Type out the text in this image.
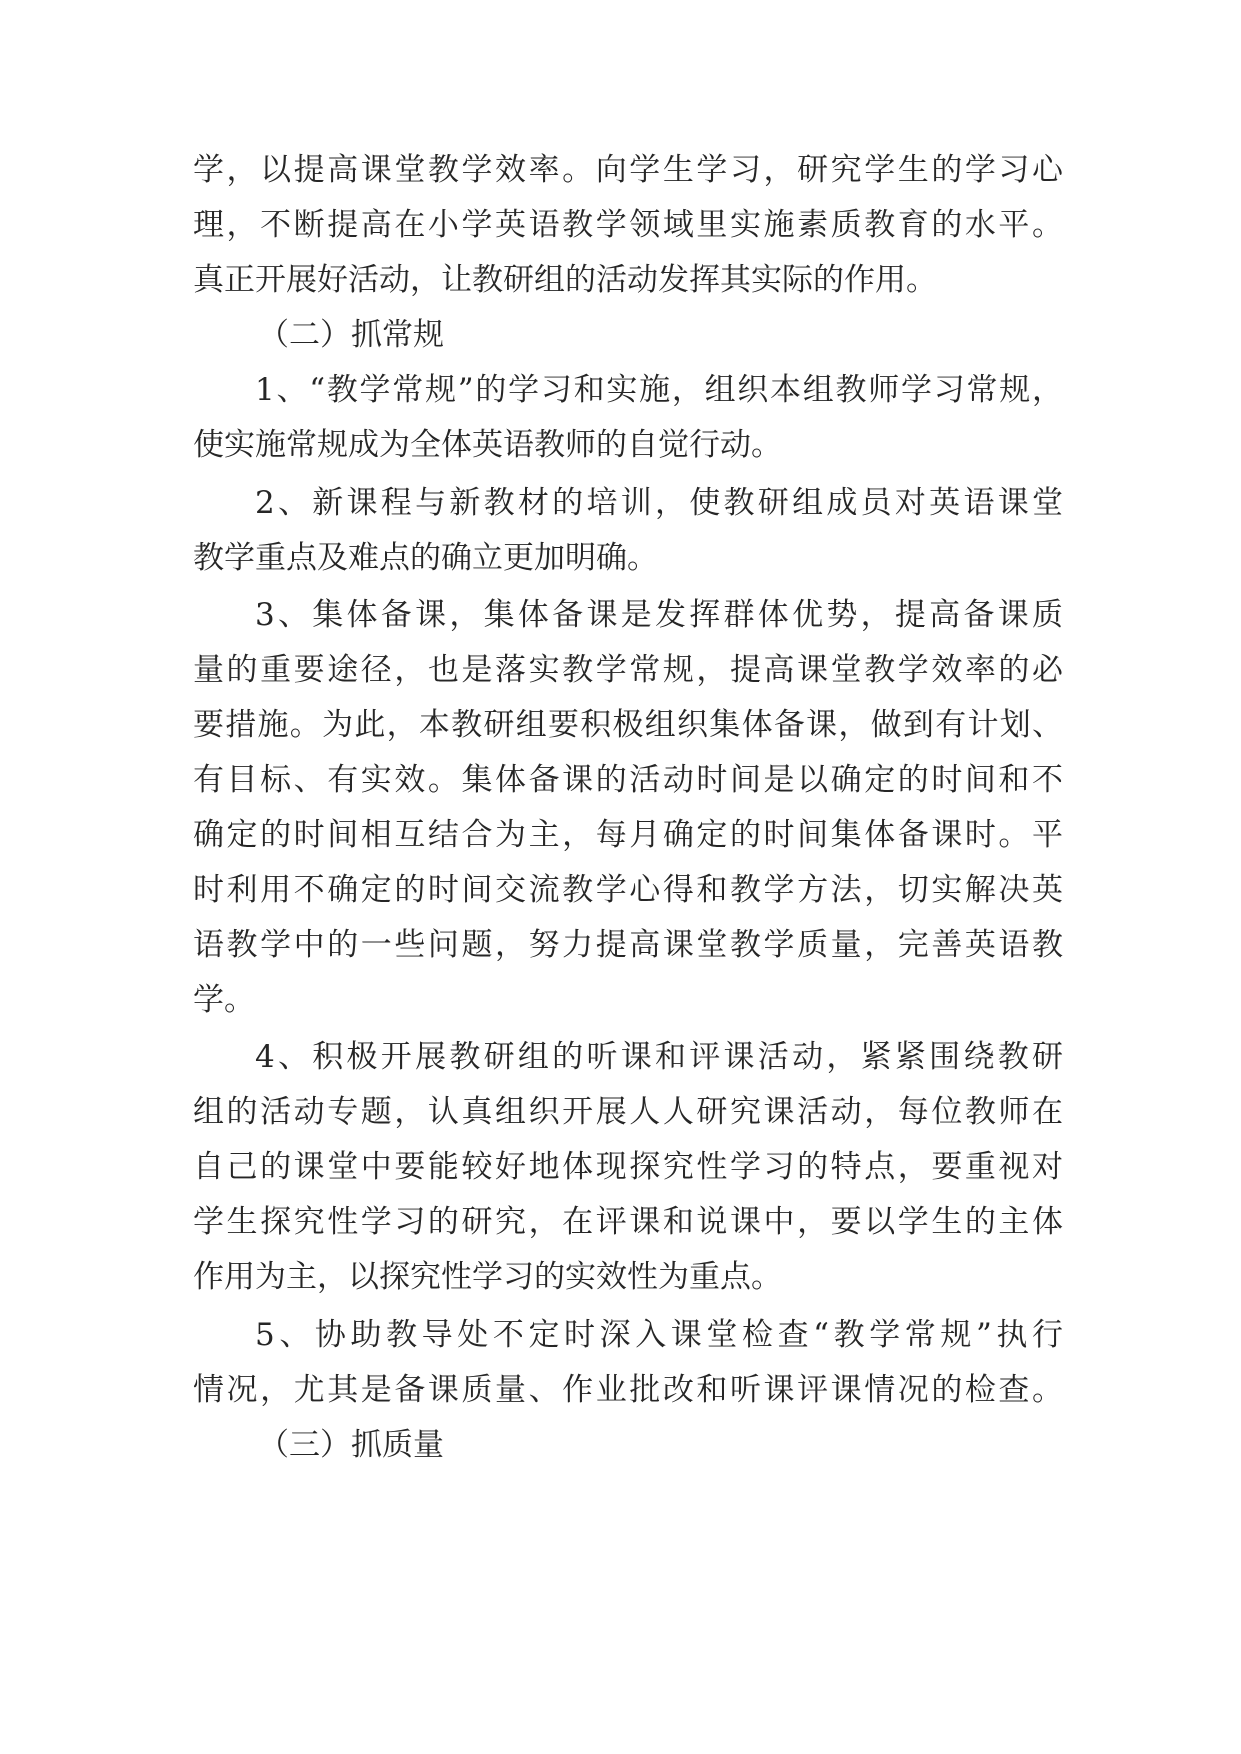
学，以提高课堂教学效率。向学生学习，研究学生的学习心
理，不断提高在小学英语教学领域里实施素质教育的水平。
真正开展好活动，让教研组的活动发挥其实际的作用。
（二）抓常规
1、“教学常规”的学习和实施，组织本组教师学习常规，
使实施常规成为全体英语教师的自觉行动。
2、新课程与新教材的培训，使教研组成员对英语课堂
教学重点及难点的确立更加明确。
3、集体备课，集体备课是发挥群体优势，提高备课质
量的重要途径，也是落实教学常规，提高课堂教学效率的必
要措施。为此，本教研组要积极组织集体备课，做到有计划、
有目标、有实效。集体备课的活动时间是以确定的时间和不
确定的时间相互结合为主，每月确定的时间集体备课时。平
时利用不确定的时间交流教学心得和教学方法，切实解决英
语教学中的一些问题，努力提高课堂教学质量，完善英语教
学。
4、积极开展教研组的听课和评课活动，紧紧围绕教研
组的活动专题，认真组织开展人人研究课活动，每位教师在
自己的课堂中要能较好地体现探究性学习的特点，要重视对
学生探究性学习的研究，在评课和说课中，要以学生的主体
作用为主，以探究性学习的实效性为重点。
5、协助教导处不定时深入课堂检查“教学常规”执行
情况，尤其是备课质量、作业批改和听课评课情况的检查。
（三）抓质量
